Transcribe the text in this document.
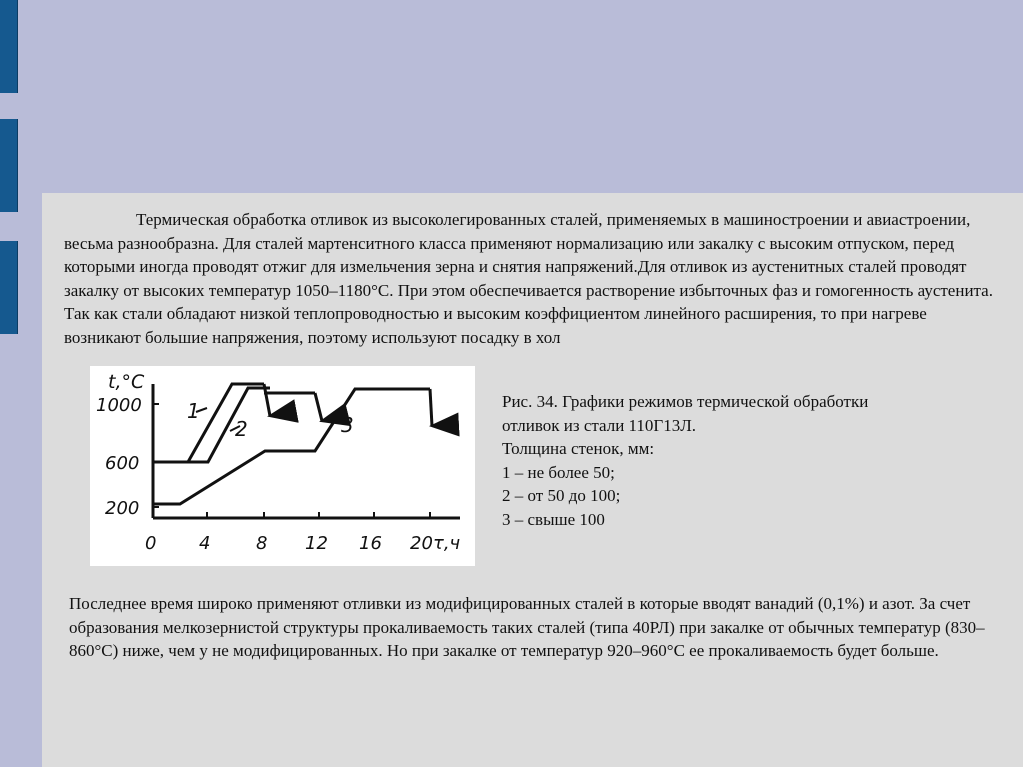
Термическая обработка отливок из высоколегированных сталей, применяемых в машиностроении и авиастроении, весьма разнообразна. Для сталей мартенситного класса применяют нормализацию или закалку с высоким отпуском, перед которыми иногда проводят отжиг для измельчения зерна и снятия напряжений.Для отливок из аустенитных сталей проводят закалку от высоких температур 1050–1180°С. При этом обеспечивается растворение избыточных фаз и гомогенность аустенита. Так как стали обладают низкой теплопроводностью и высоким коэффициентом линейного расширения, то при нагреве возникают большие напряжения, поэтому используют посадку в хол
1
2	3
t,°C
1000
600
200
0 4	8 12 16 20 τ,ч
Рис. 34. Графики режимов термической обработки
отливок из стали 110Г13Л.
Толщина стенок, мм:
1 – не более 50;
2 – от 50 до 100;
3 – свыше 100
Последнее время широко применяют отливки из модифицированных сталей в которые вводят ванадий (0,1%) и азот. За счет образования мелкозернистой структуры прокаливаемость таких сталей (типа 40РЛ) при закалке от обычных температур (830–860°С) ниже, чем у не модифицированных. Но при закалке от температур 920–960°С ее прокаливаемость будет больше.
